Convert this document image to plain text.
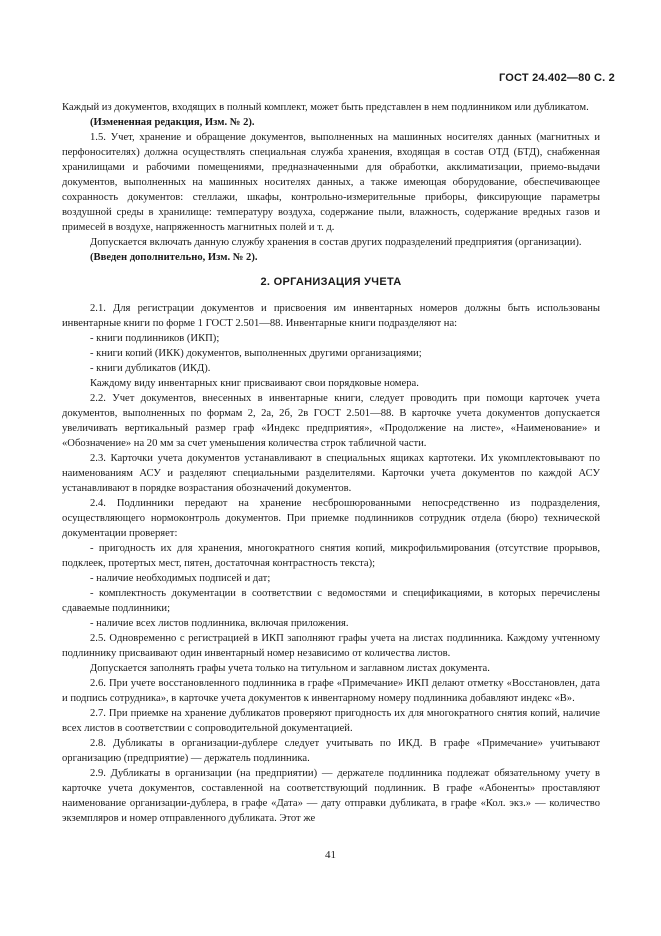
ГОСТ 24.402—80 С. 2

Каждый из документов, входящих в полный комплект, может быть представлен в нем подлинником или дубликатом.

(Измененная редакция, Изм. № 2).

1.5. Учет, хранение и обращение документов, выполненных на машинных носителях данных (магнитных и перфоносителях) должна осуществлять специальная служба хранения, входящая в состав ОТД (БТД), снабженная хранилищами и рабочими помещениями, предназначенными для обработки, акклиматизации, приемо-выдачи документов, выполненных на машинных носителях данных, а также имеющая оборудование, обеспечивающее сохранность документов: стеллажи, шкафы, контрольно-измерительные приборы, фиксирующие параметры воздушной среды в хранилище: температуру воздуха, содержание пыли, влажность, содержание вредных газов и примесей в воздухе, напряженность магнитных полей и т. д.

Допускается включать данную службу хранения в состав других подразделений предприятия (организации).

(Введен дополнительно, Изм. № 2).

2. ОРГАНИЗАЦИЯ УЧЕТА

2.1. Для регистрации документов и присвоения им инвентарных номеров должны быть использованы инвентарные книги по форме 1 ГОСТ 2.501—88. Инвентарные книги подразделяют на:

- книги подлинников (ИКП);

- книги копий (ИКК) документов, выполненных другими организациями;

- книги дубликатов (ИКД).

Каждому виду инвентарных книг присваивают свои порядковые номера.

2.2. Учет документов, внесенных в инвентарные книги, следует проводить при помощи карточек учета документов, выполненных по формам 2, 2а, 2б, 2в ГОСТ 2.501—88. В карточке учета документов допускается увеличивать вертикальный размер граф «Индекс предприятия», «Продолжение на листе», «Наименование» и «Обозначение» на 20 мм за счет уменьшения количества строк табличной части.

2.3. Карточки учета документов устанавливают в специальных ящиках картотеки. Их укомплектовывают по наименованиям АСУ и разделяют специальными разделителями. Карточки учета документов по каждой АСУ устанавливают в порядке возрастания обозначений документов.

2.4. Подлинники передают на хранение несброшюрованными непосредственно из подразделения, осуществляющего нормоконтроль документов. При приемке подлинников сотрудник отдела (бюро) технической документации проверяет:

- пригодность их для хранения, многократного снятия копий, микрофильмирования (отсутствие прорывов, подклеек, протертых мест, пятен, достаточная контрастность текста);

- наличие необходимых подписей и дат;

- комплектность документации в соответствии с ведомостями и спецификациями, в которых перечислены сдаваемые подлинники;

- наличие всех листов подлинника, включая приложения.

2.5. Одновременно с регистрацией в ИКП заполняют графы учета на листах подлинника. Каждому учтенному подлиннику присваивают один инвентарный номер независимо от количества листов.

Допускается заполнять графы учета только на титульном и заглавном листах документа.

2.6. При учете восстановленного подлинника в графе «Примечание» ИКП делают отметку «Восстановлен, дата и подпись сотрудника», в карточке учета документов к инвентарному номеру подлинника добавляют индекс «В».

2.7. При приемке на хранение дубликатов проверяют пригодность их для многократного снятия копий, наличие всех листов в соответствии с сопроводительной документацией.

2.8. Дубликаты в организации-дублере следует учитывать по ИКД. В графе «Примечание» учитывают организацию (предприятие) — держатель подлинника.

2.9. Дубликаты в организации (на предприятии) — держателе подлинника подлежат обязательному учету в карточке учета документов, составленной на соответствующий подлинник. В графе «Абоненты» проставляют наименование организации-дублера, в графе «Дата» — дату отправки дубликата, в графе «Кол. экз.» — количество экземпляров и номер отправленного дубликата. Этот же

41
